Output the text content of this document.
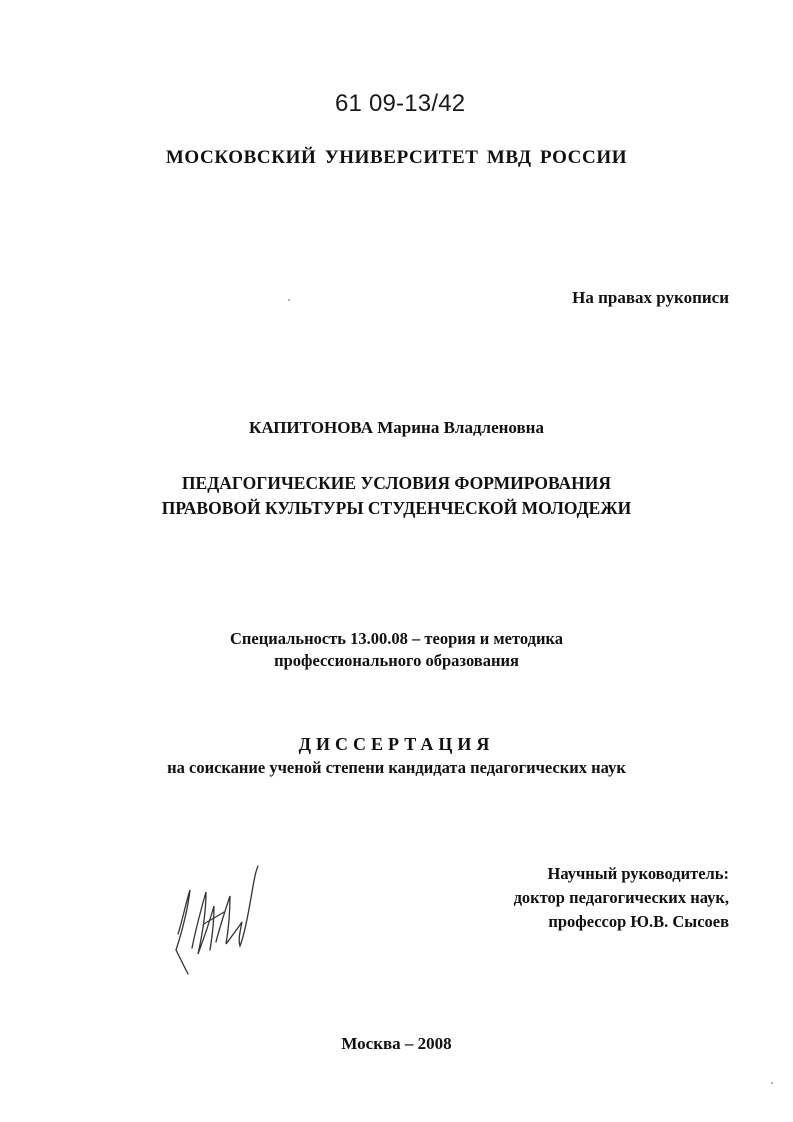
61 09-13/42
МОСКОВСКИЙ УНИВЕРСИТЕТ МВД РОССИИ
На правах рукописи
КАПИТОНОВА Марина Владленовна
ПЕДАГОГИЧЕСКИЕ УСЛОВИЯ ФОРМИРОВАНИЯ
ПРАВОВОЙ КУЛЬТУРЫ СТУДЕНЧЕСКОЙ МОЛОДЕЖИ
Специальность 13.00.08 – теория и методика
профессионального образования
ДИССЕРТАЦИЯ
на соискание ученой степени кандидата педагогических наук
Научный руководитель:
доктор педагогических наук,
профессор Ю.В. Сысоев
Москва – 2008
